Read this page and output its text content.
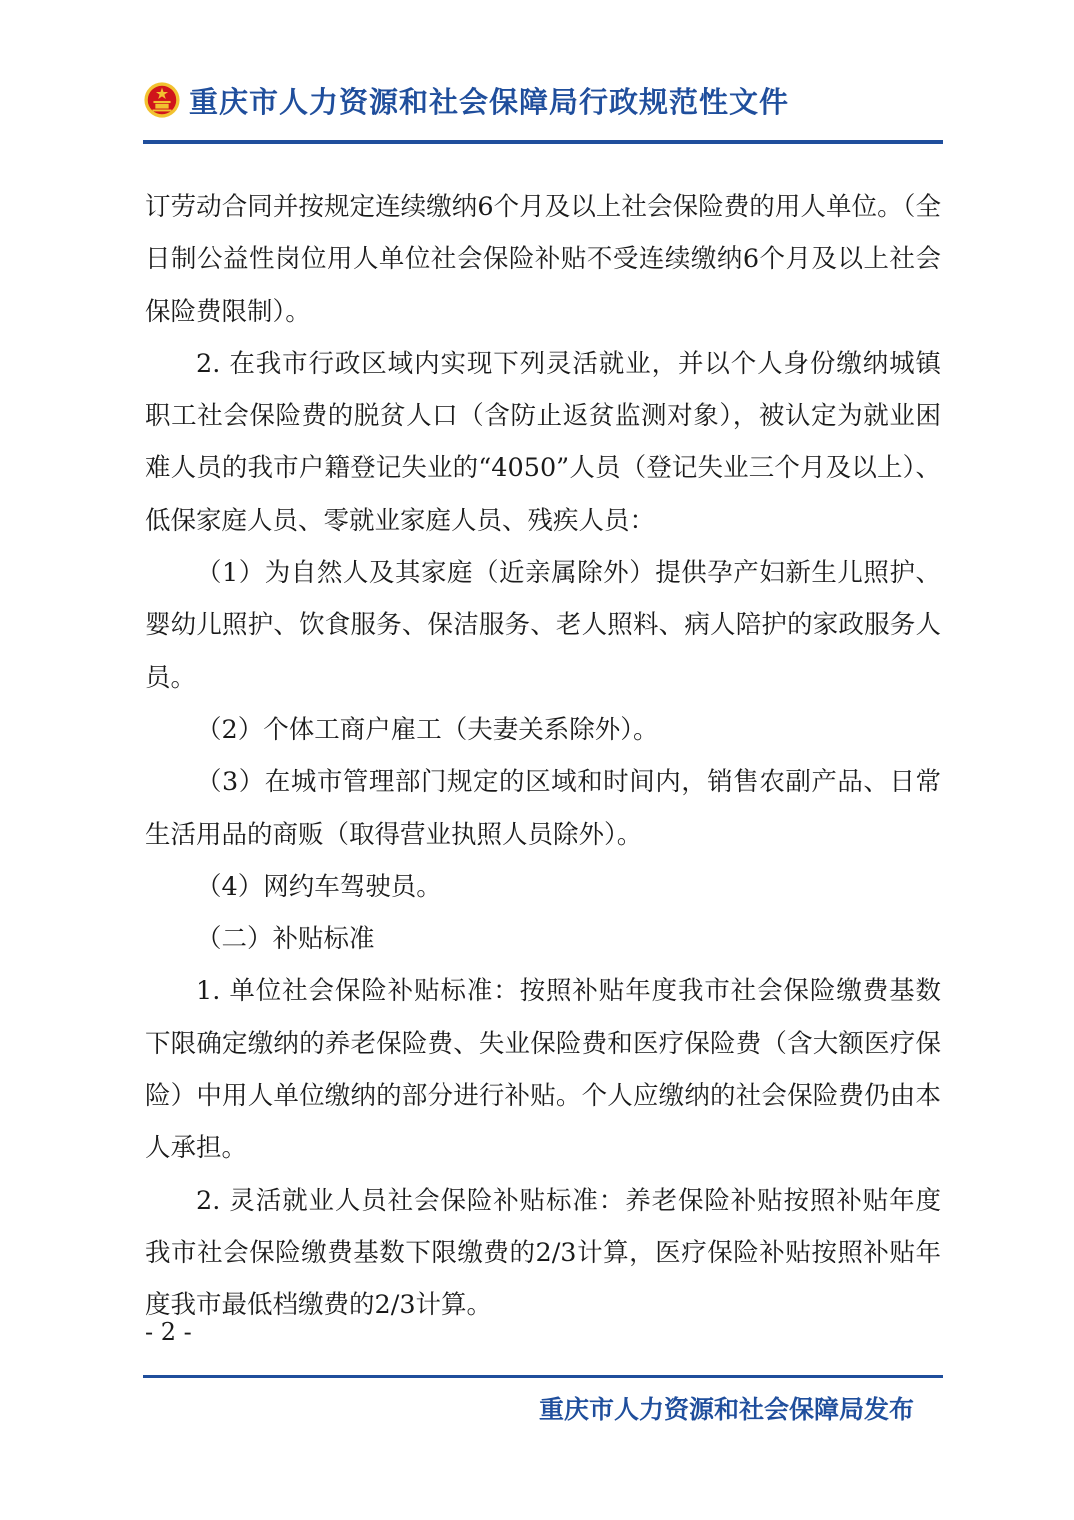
重庆市人力资源和社会保障局行政规范性文件

订劳动合同并按规定连续缴纳6个月及以上社会保险费的用人单位。（全日制公益性岗位用人单位社会保险补贴不受连续缴纳6个月及以上社会保险费限制）。

2. 在我市行政区域内实现下列灵活就业，并以个人身份缴纳城镇职工社会保险费的脱贫人口（含防止返贫监测对象），被认定为就业困难人员的我市户籍登记失业的“4050”人员（登记失业三个月及以上）、低保家庭人员、零就业家庭人员、残疾人员：

（1）为自然人及其家庭（近亲属除外）提供孕产妇新生儿照护、婴幼儿照护、饮食服务、保洁服务、老人照料、病人陪护的家政服务人员。

（2）个体工商户雇工（夫妻关系除外）。

（3）在城市管理部门规定的区域和时间内，销售农副产品、日常生活用品的商贩（取得营业执照人员除外）。

（4）网约车驾驶员。

（二）补贴标准

1. 单位社会保险补贴标准：按照补贴年度我市社会保险缴费基数下限确定缴纳的养老保险费、失业保险费和医疗保险费（含大额医疗保险）中用人单位缴纳的部分进行补贴。个人应缴纳的社会保险费仍由本人承担。

2. 灵活就业人员社会保险补贴标准：养老保险补贴按照补贴年度我市社会保险缴费基数下限缴费的2/3计算，医疗保险补贴按照补贴年度我市最低档缴费的2/3计算。

- 2 -
重庆市人力资源和社会保障局发布
